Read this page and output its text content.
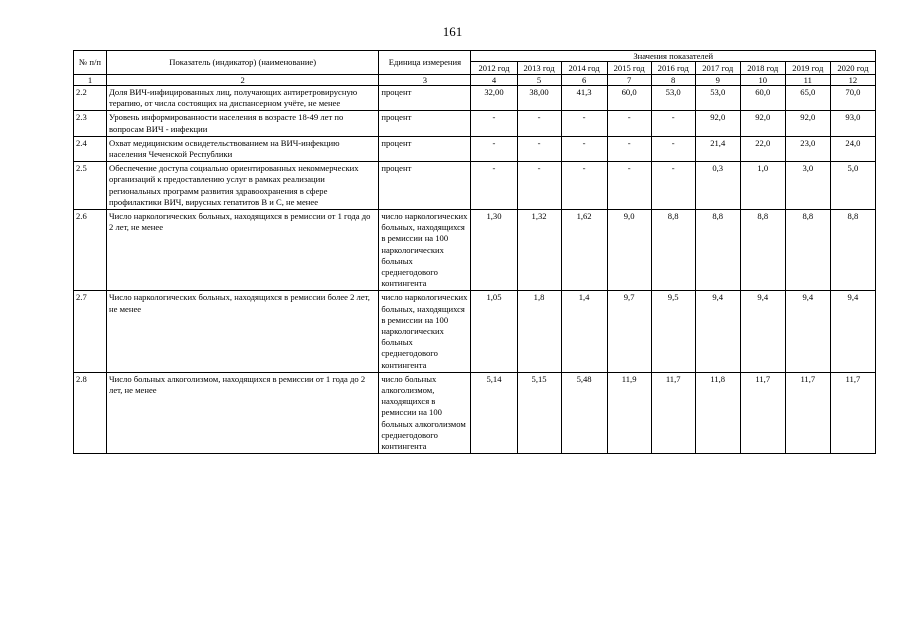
161
№ п/п	Показатель (индикатор) (наименование)	Единица измерения	Значения показателей								

			2012 год	2013 год	2014 год	2015 год	2016 год	2017 год	2018 год	2019 год	2020 год

1	2	3	4	5	6	7	8	9	10	11	12
2.2	Доля ВИЧ-инфицированных лиц, получающих антиретровирусную терапию, от числа состоящих на диспансерном учёте, не менее	процент	32,00	38,00	41,3	60,0	53,0	53,0	60,0	65,0	70,0
2.3	Уровень информированности населения в возрасте 18-49 лет по вопросам ВИЧ - инфекции	процент	-	-	-	-	-	92,0	92,0	92,0	93,0
2.4	Охват медицинским освидетельствованием на ВИЧ-инфекцию населения Чеченской Республики	процент	-	-	-	-	-	21,4	22,0	23,0	24,0
2.5	Обеспечение доступа социально ориентированных некоммерческих организаций к предоставлению услуг в рамках реализации региональных программ развития здравоохранения в сфере профилактики ВИЧ, вирусных гепатитов В и С, не менее	процент	-	-	-	-	-	0,3	1,0	3,0	5,0
2.6	Число наркологических больных, находящихся в ремиссии от 1 года до 2 лет, не менее	число наркологических больных, находящихся в ремиссии на 100 наркологических больных среднегодового контингента	1,30	1,32	1,62	9,0	8,8	8,8	8,8	8,8	8,8
2.7	Число наркологических больных, находящихся в ремиссии более 2 лет, не менее	число наркологических больных, находящихся в ремиссии на 100 наркологических больных среднегодового контингента	1,05	1,8	1,4	9,7	9,5	9,4	9,4	9,4	9,4
2.8	Число больных алкоголизмом, находящихся в ремиссии от 1 года до 2 лет, не менее	число больных алкоголизмом, находящихся в ремиссии на 100 больных алкоголизмом среднегодового контингента	5,14	5,15	5,48	11,9	11,7	11,8	11,7	11,7	11,7
